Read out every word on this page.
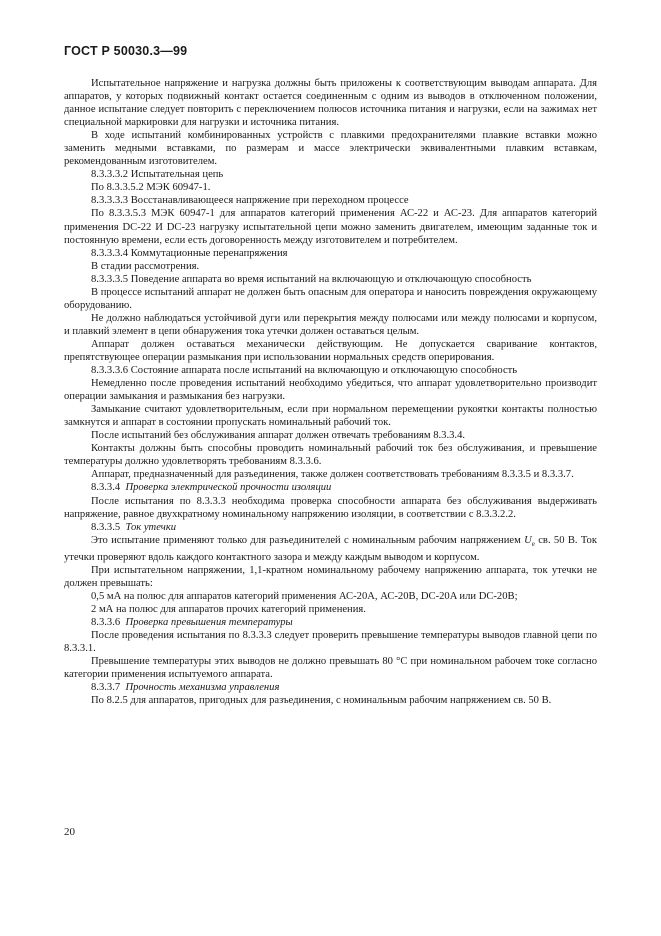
ГОСТ Р 50030.3—99

Испытательное напряжение и нагрузка должны быть приложены к соответствующим выводам аппарата. Для аппаратов, у которых подвижный контакт остается соединенным с одним из выводов в отключенном положении, данное испытание следует повторить с переключением полюсов источника питания и нагрузки, если на зажимах нет специальной маркировки для нагрузки и источника питания.

В ходе испытаний комбинированных устройств с плавкими предохранителями плавкие вставки можно заменить медными вставками, по размерам и массе электрически эквивалентными плавким вставкам, рекомендованным изготовителем.

8.3.3.3.2 Испытательная цепь

По 8.3.3.5.2 МЭК 60947-1.

8.3.3.3.3 Восстанавливающееся напряжение при переходном процессе

По 8.3.3.5.3 МЭК 60947-1 для аппаратов категорий применения АС-22 и АС-23. Для аппаратов категорий применения DC-22 И DC-23 нагрузку испытательной цепи можно заменить двигателем, имеющим заданные ток и постоянную времени, если есть договоренность между изготовителем и потребителем.

8.3.3.3.4 Коммутационные перенапряжения

В стадии рассмотрения.

8.3.3.3.5 Поведение аппарата во время испытаний на включающую и отключающую способность

В процессе испытаний аппарат не должен быть опасным для оператора и наносить повреждения окружающему оборудованию.

Не должно наблюдаться устойчивой дуги или перекрытия между полюсами или между полюсами и корпусом, и плавкий элемент в цепи обнаружения тока утечки должен оставаться целым.

Аппарат должен оставаться механически действующим. Не допускается сваривание контактов, препятствующее операции размыкания при использовании нормальных средств оперирования.

8.3.3.3.6 Состояние аппарата после испытаний на включающую и отключающую способность

Немедленно после проведения испытаний необходимо убедиться, что аппарат удовлетворительно производит операции замыкания и размыкания без нагрузки.

Замыкание считают удовлетворительным, если при нормальном перемещении рукоятки контакты полностью замкнутся и аппарат в состоянии пропускать номинальный рабочий ток.

После испытаний без обслуживания аппарат должен отвечать требованиям 8.3.3.4.

Контакты должны быть способны проводить номинальный рабочий ток без обслуживания, и превышение температуры должно удовлетворять требованиям 8.3.3.6.

Аппарат, предназначенный для разъединения, также должен соответствовать требованиям 8.3.3.5 и 8.3.3.7.

8.3.3.4 Проверка электрической прочности изоляции

После испытания по 8.3.3.3 необходима проверка способности аппарата без обслуживания выдерживать напряжение, равное двухкратному номинальному напряжению изоляции, в соответствии с 8.3.3.2.2.

8.3.3.5 Ток утечки

Это испытание применяют только для разъединителей с номинальным рабочим напряжением $U_e$ св. 50 В. Ток утечки проверяют вдоль каждого контактного зазора и между каждым выводом и корпусом.

При испытательном напряжении, 1,1-кратном номинальному рабочему напряжению аппарата, ток утечки не должен превышать:

0,5 мА на полюс для аппаратов категорий применения АС-20А, АС-20В, DC-20A или DC-20B;

2 мА на полюс для аппаратов прочих категорий применения.

8.3.3.6 Проверка превышения температуры

После проведения испытания по 8.3.3.3 следует проверить превышение температуры выводов главной цепи по 8.3.3.1.

Превышение температуры этих выводов не должно превышать 80 °С при номинальном рабочем токе согласно категории применения испытуемого аппарата.

8.3.3.7 Прочность механизма управления

По 8.2.5 для аппаратов, пригодных для разъединения, с номинальным рабочим напряжением св. 50 В.

20
